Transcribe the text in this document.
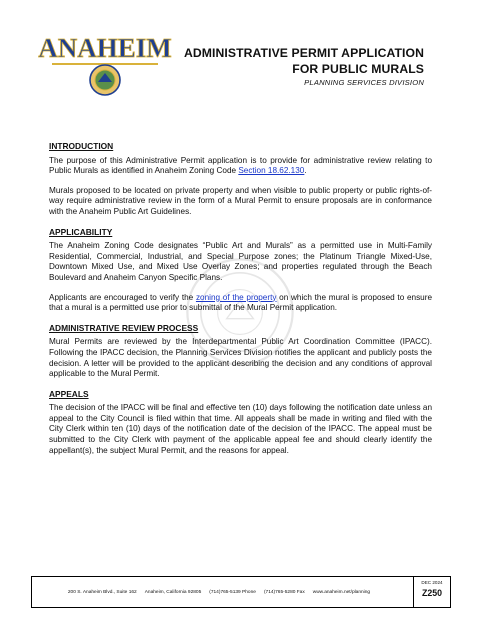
ANAHEIM ADMINISTRATIVE PERMIT APPLICATION
FOR PUBLIC MURALS
PLANNING SERVICES DIVISION
INTRODUCTION

The purpose of this Administrative Permit application is to provide for administrative review relating to Public Murals as identified in Anaheim Zoning Code Section 18.62.130.

Murals proposed to be located on private property and when visible to public property or public rights-of-way require administrative review in the form of a Mural Permit to ensure proposals are in conformance with the Anaheim Public Art Guidelines.

APPLICABILITY

The Anaheim Zoning Code designates “Public Art and Murals” as a permitted use in Multi-Family Residential, Commercial, Industrial, and Special Purpose zones; the Platinum Triangle Mixed-Use, Downtown Mixed Use, and Mixed Use Overlay Zones; and properties regulated through the Beach Boulevard and Anaheim Canyon Specific Plans.

Applicants are encouraged to verify the zoning of the property on which the mural is proposed to ensure that a mural is a permitted use prior to submittal of the Mural Permit application.

ADMINISTRATIVE REVIEW PROCESS

Mural Permits are reviewed by the Interdepartmental Public Art Coordination Committee (IPACC). Following the IPACC decision, the Planning Services Division notifies the applicant and publicly posts the decision. A letter will be provided to the applicant describing the decision and any conditions of approval applicable to the Mural Permit.

APPEALS

The decision of the IPACC will be final and effective ten (10) days following the notification date unless an appeal to the City Council is filed within that time. All appeals shall be made in writing and filed with the City Clerk within ten (10) days of the notification date of the decision of the IPACC. The appeal must be submitted to the City Clerk with payment of the applicable appeal fee and should clearly identify the appellant(s), the subject Mural Permit, and the reasons for appeal.

200 S. Anaheim Blvd., Suite 162 Anaheim, California 92805 (714)765-5139 Phone (714)765-5280 Fax www.anaheim.net/planning
DEC 2024
Z250
